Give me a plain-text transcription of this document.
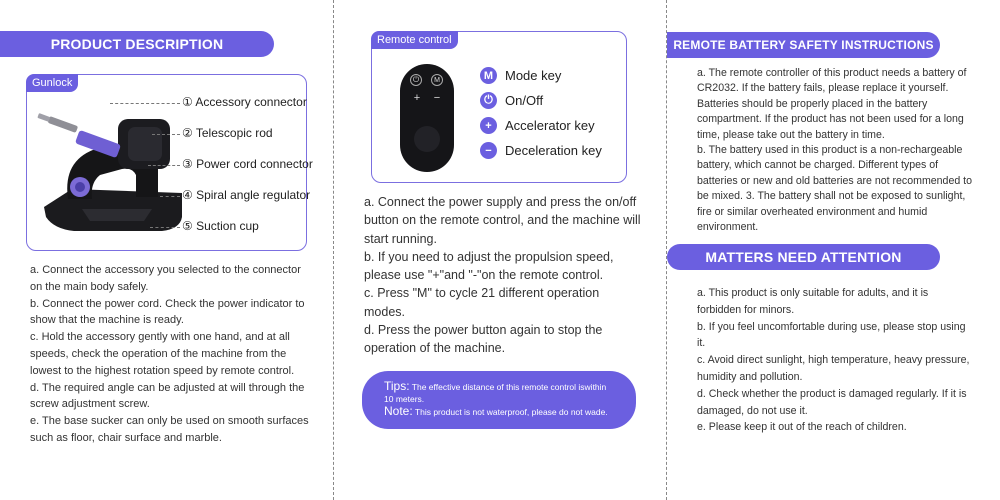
PRODUCT DESCRIPTION
Gunlock
① Accessory connector
② Telescopic rod
③ Power cord connector
④ Spiral angle regulator
⑤ Suction cup

a. Connect the accessory you selected to the connector on the main body safely.

b. Connect the power cord. Check the power indicator to show that the machine is ready.

c. Hold the accessory gently with one hand, and at all speeds, check the operation of the machine from the lowest to the highest rotation speed by remote control.

d. The required angle can be adjusted at will through the screw adjustment screw.

e. The base sucker can only be used on smooth surfaces such as floor, chair surface and marble.

Remote control
⏻	M
+ −
M Mode key
⏻ On/Off
+	Accelerator key
−	Deceleration key

a. Connect the power supply and press the on/off button on the remote control, and the machine will start running.

b. If you need to adjust the propulsion speed, please use "+"and "-"on the remote control.

c. Press "M" to cycle 21 different operation modes.

d. Press the power button again to stop the operation of the machine.

Tips: The effective distance of this remote control iswithin 10 meters.
Note: This product is not waterproof, please do not wade.
REMOTE BATTERY SAFETY INSTRUCTIONS

a. The remote controller of this product needs a battery of CR2032. If the battery fails, please replace it yourself. Batteries should be properly placed in the battery compartment. If the product has not been used for a long time, please take out the battery in time.

b. The battery used in this product is a non-rechargeable battery, which cannot be charged. Different types of batteries or new and old batteries are not recommended to be mixed. 3. The battery shall not be exposed to sunlight, fire or similar overheated environment and humid environment.

MATTERS NEED ATTENTION

a. This product is only suitable for adults, and it is forbidden for minors.

b. If you feel uncomfortable during use, please stop using it.

c. Avoid direct sunlight, high temperature, heavy pressure, humidity and pollution.

d. Check whether the product is damaged regularly. If it is damaged, do not use it.

e. Please keep it out of the reach of children.
